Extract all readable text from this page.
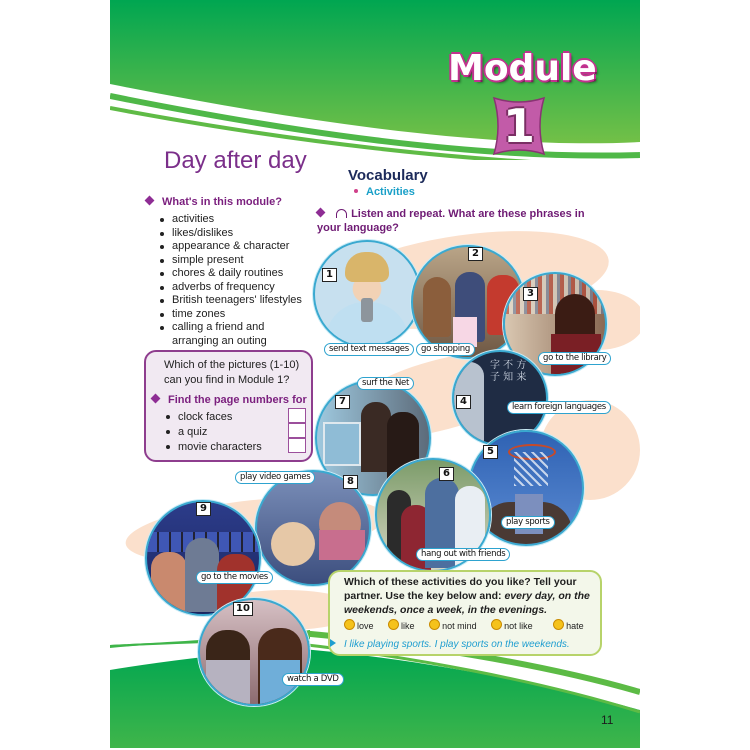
Module
1
Day after day
What's in this module?
activities
likes/dislikes
appearance & character
simple present
chores & daily routines
adverbs of frequency
British teenagers' lifestyles
time zones
calling a friend and arranging an outing
Which of the pictures (1-10) can you find in Module 1?
Find the page numbers for
clock faces
a quiz
movie characters
Vocabulary
Activities
Listen and repeat. What are these phrases in your language?
1
send text messages
2
go shopping
3
go to the library
字 不 方
子 知 来
4	learn foreign languages
7
surf the Net
5
play sports
6
hang out with friends
8
play video games
9
go to the movies
10
watch a DVD
Which of these activities do you like? Tell your partner. Use the key below and: every day, on the weekends, once a week, in the evenings.
love	like	not mind	not like	hate
I like playing sports. I play sports on the weekends.
11
